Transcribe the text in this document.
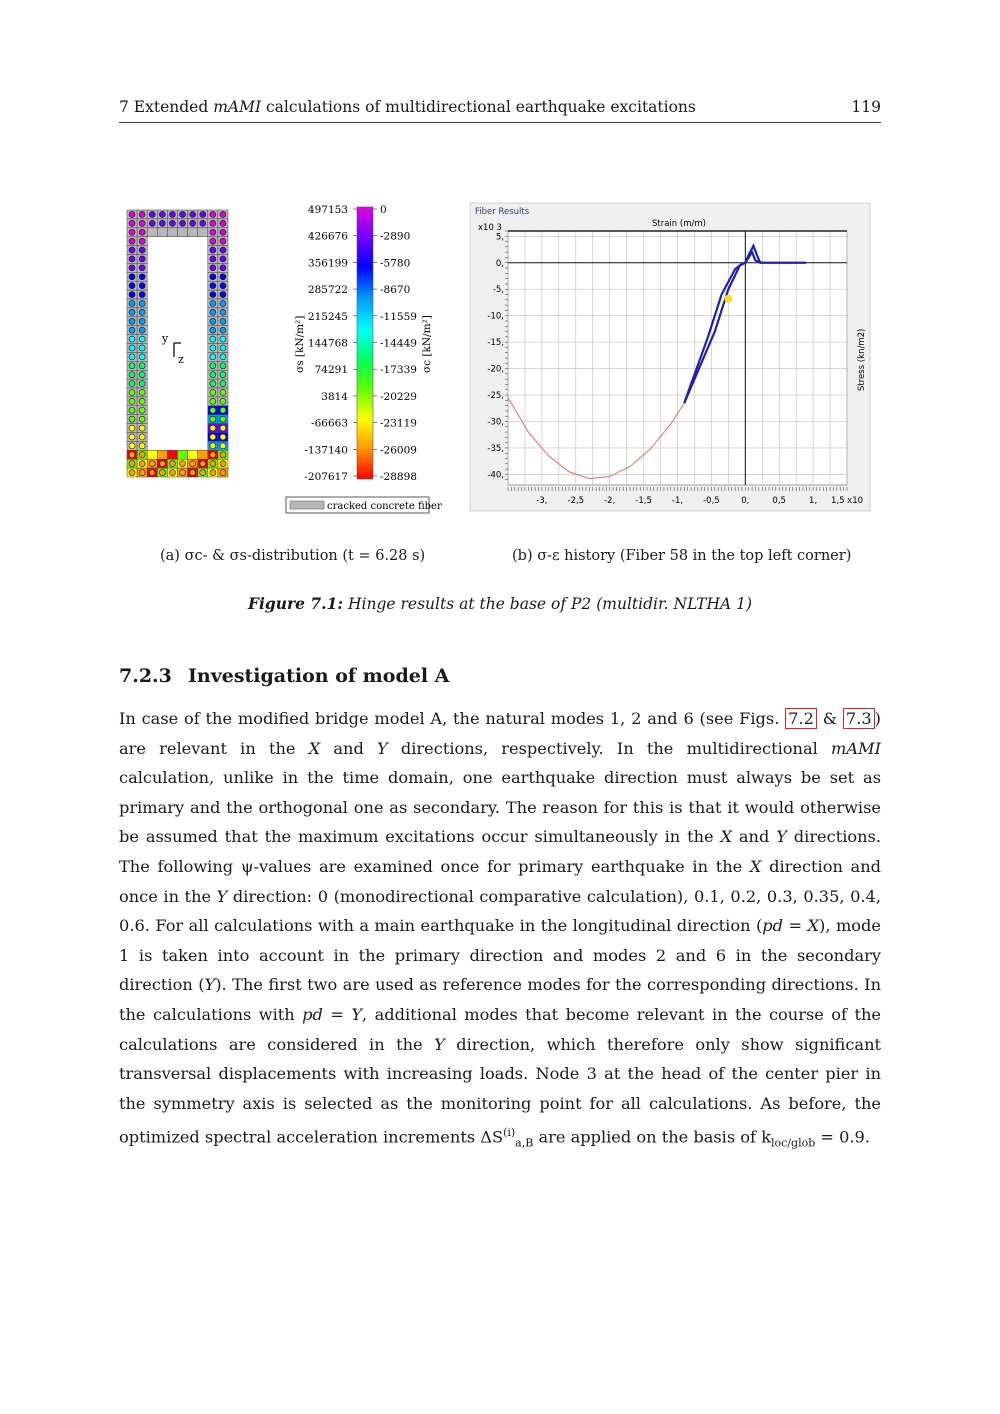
7 Extended mAMI calculations of multidirectional earthquake excitations	119
y
z
497153	0
426676	-2890
356199	-5780
285722	-8670
215245	-11559
144768	-14449
74291	-17339
3814	-20229
-66663	-23119
-137140	-26009
-207617	-28898
σs [kN/m²]	σc [kN/m²]
cracked concrete fiber
Fiber Results
x10 3	Strain (m/m)
Stress (kn/m2)
5,
0,
-5,
-10,
-15,
-20,
-25,
-30,
-35,
-40,
-3, -2,5 -2, -1,5 -1, -0,5	0,	0,5	1, 1,5 x10
(a) σc- & σs-distribution (t = 6.28 s)	(b) σ-ε history (Fiber 58 in the top left corner)
Figure 7.1: Hinge results at the base of P2 (multidir. NLTHA 1)
7.2.3 Investigation of model A
In case of the modified bridge model A, the natural modes 1, 2 and 6 (see Figs. 7.2 & 7.3 ) are relevant in the X and Y directions, respectively. In the multidirectional mAMI calculation, unlike in the time domain, one earthquake direction must always be set as primary and the orthogonal one as secondary. The reason for this is that it would otherwise be assumed that the maximum excitations occur simultaneously in the X and Y directions. The following ψ-values are examined once for primary earthquake in the X direction and once in the Y direction: 0 (monodirectional comparative calculation), 0.1, 0.2, 0.3, 0.35, 0.4, 0.6. For all calculations with a main earthquake in the longitudinal direction (pd = X), mode 1 is taken into account in the primary direction and modes 2 and 6 in the secondary direction (Y). The first two are used as reference modes for the corresponding directions. In the calculations with pd = Y, additional modes that become relevant in the course of the calculations are considered in the Y direction, which therefore only show significant transversal displacements with increasing loads. Node 3 at the head of the center pier in the symmetry axis is selected as the monitoring point for all calculations. As before, the optimized spectral acceleration increments $\Delta S^{(i)}_{a,B}$ are applied on the basis of $k_{loc/glob} = 0.9$.
